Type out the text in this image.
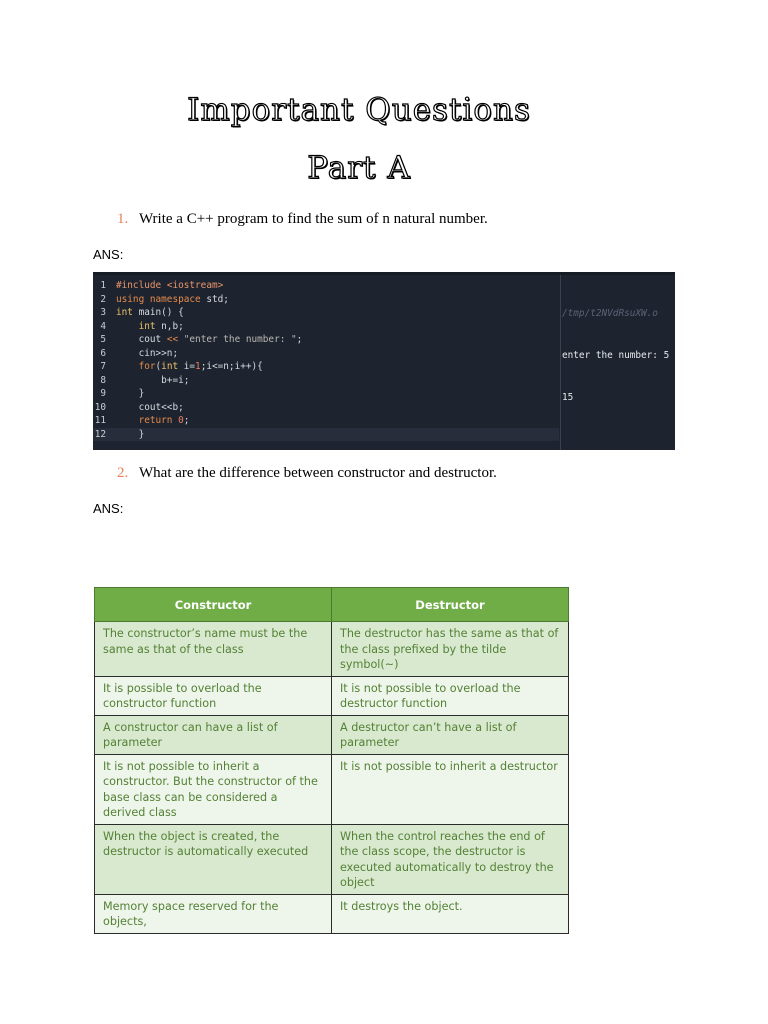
Important Questions
Part A
1. Write a C++ program to find the sum of n natural number.
ANS:
1 #include <iostream>
2 using namespace std;
3 int main() {
4	int n,b;
5 cout << "enter the number: ";
6 cin>>n;
7	for(int i=1;i<=n;i++){
8 b+=i;
9 }
10 cout<<b;
11	return 0;
12 }

/tmp/t2NVdRsuXW.o

enter the number: 5

15

2. What are the difference between constructor and destructor.
ANS:
Constructor	Destructor
The constructor’s name must be the same as that of the class	The destructor has the same as that of the class prefixed by the tilde symbol(~)
It is possible to overload the constructor function	It is not possible to overload the destructor function
A constructor can have a list of parameter	A destructor can’t have a list of parameter
It is not possible to inherit a constructor. But the constructor of the base class can be considered a derived class	It is not possible to inherit a destructor
When the object is created, the destructor is automatically executed	When the control reaches the end of the class scope, the destructor is executed automatically to destroy the object
Memory space reserved for the objects,	It destroys the object.
